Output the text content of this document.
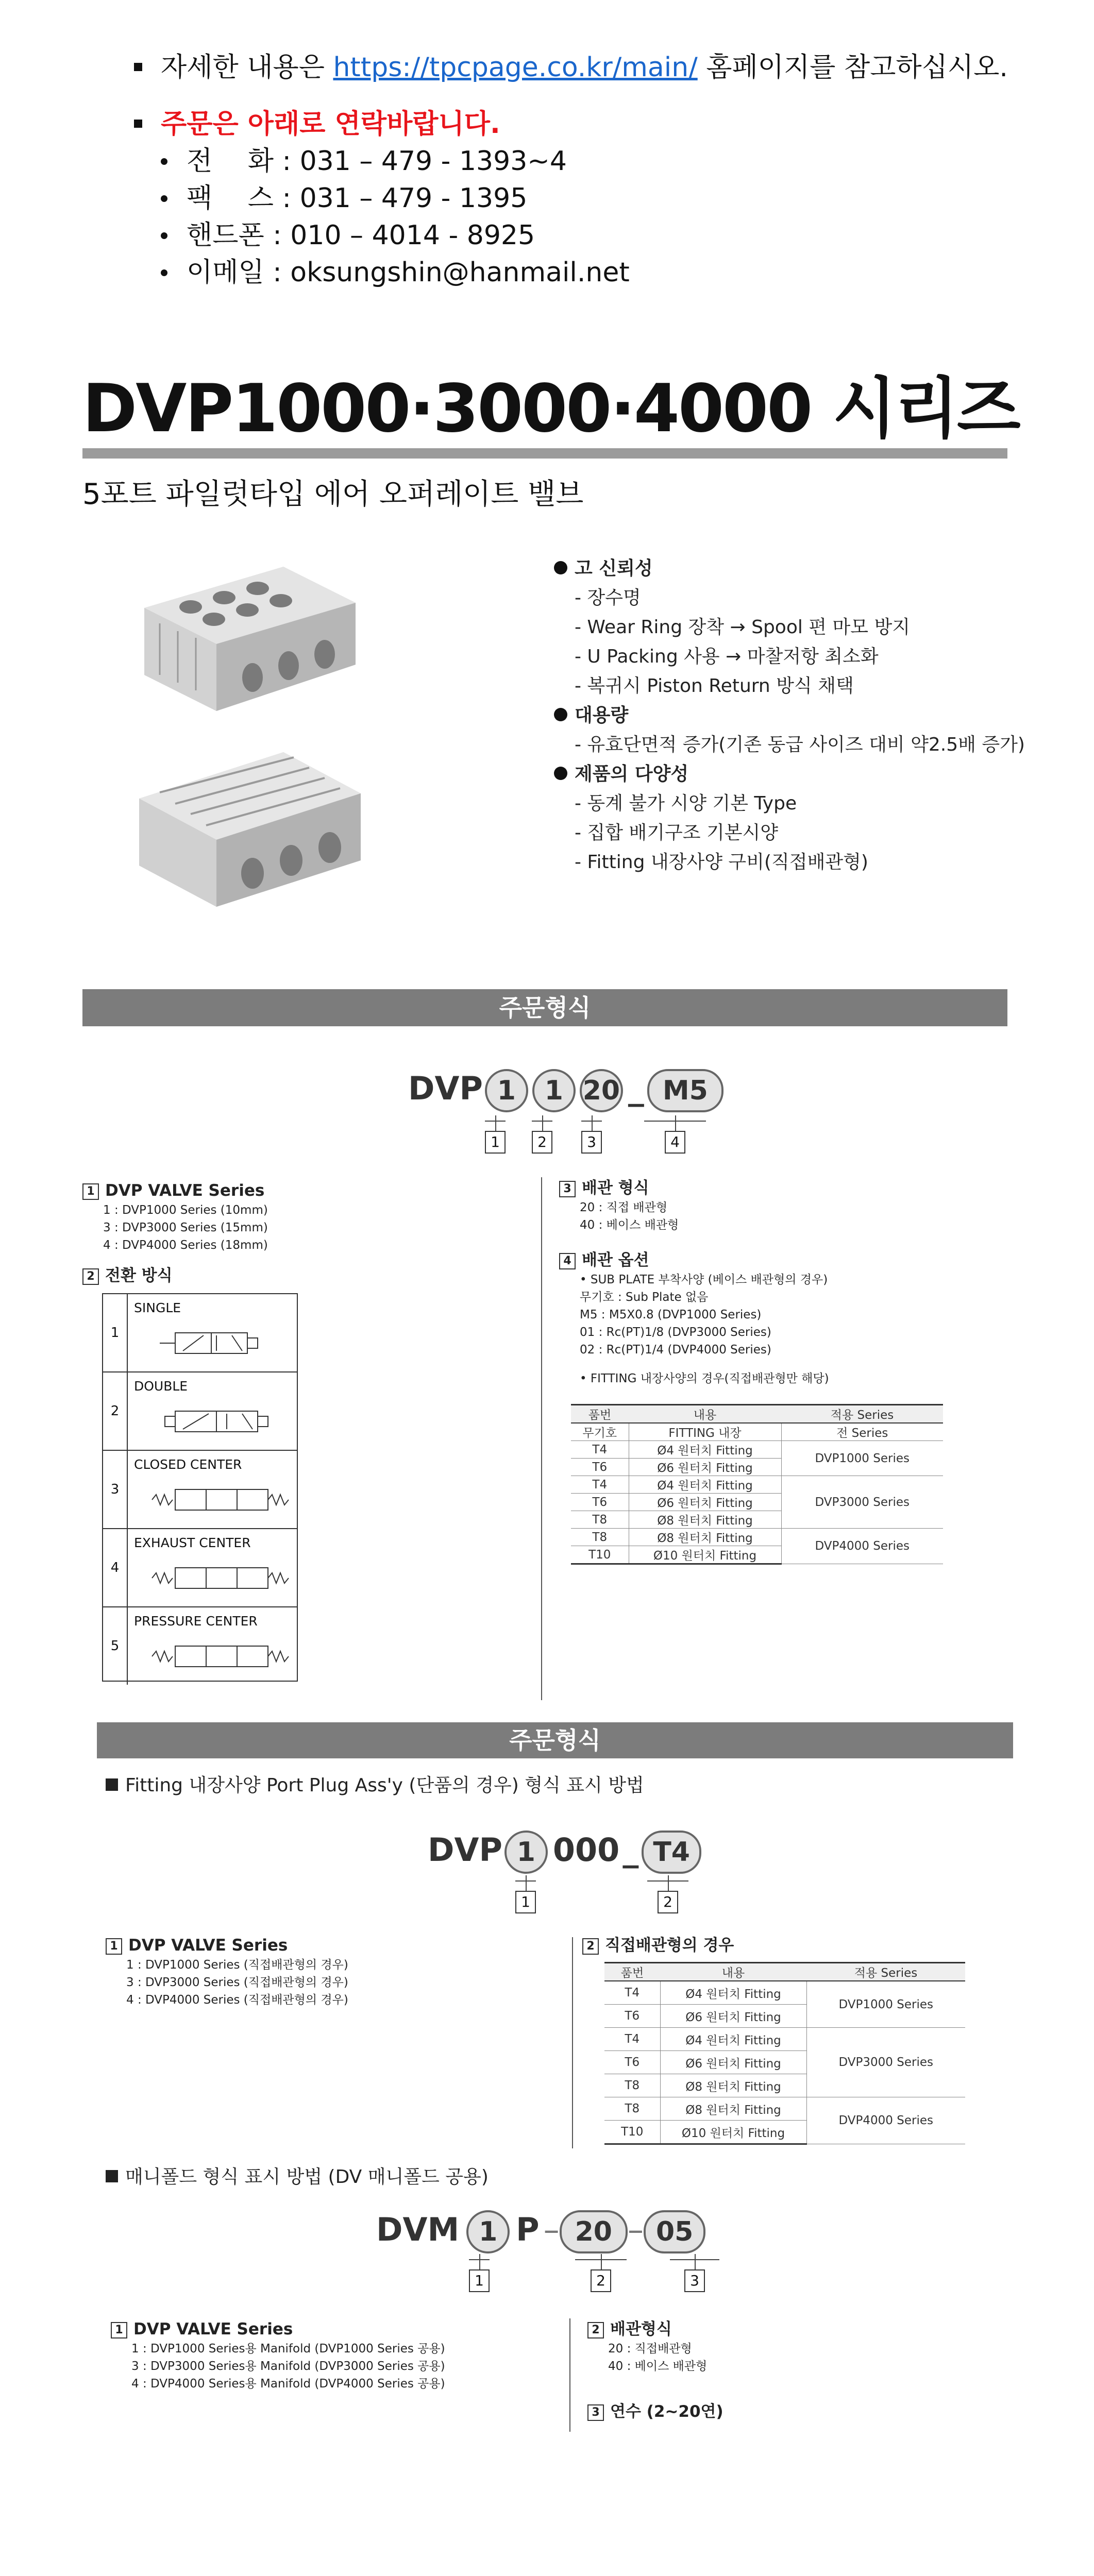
자세한 내용은 https://tpcpage.co.kr/main/ 홈페이지를 참고하십시오.
주문은 아래로 연락바랍니다.
전　 화 : 031 – 479 - 1393~4
팩　 스 : 031 – 479 - 1395
핸드폰 : 010 – 4014 - 8925
이메일 : oksungshin@hanmail.net
DVP1000·3000·4000 시리즈
5포트 파일럿타입 에어 오퍼레이트 밸브
고 신뢰성
- 장수명
- Wear Ring 장착 → Spool 편 마모 방지
- U Packing 사용 → 마찰저항 최소화
- 복귀시 Piston Return 방식 채택
대용량
- 유효단면적 증가(기존 동급 사이즈 대비 약2.5배 증가)
제품의 다양성
- 동계 불가 시양 기본 Type
- 집합 배기구조 기본시양
- Fitting 내장사양 구비(직접배관형)
주문형식
DVP 1 1 20 _ M5
1	2	3	4
1 DVP VALVE Series
1 : DVP1000 Series (10mm)
3 : DVP3000 Series (15mm)
4 : DVP4000 Series (18mm)
2 전환 방식
1
SINGLE
2
DOUBLE
3
CLOSED CENTER
4
EXHAUST CENTER
5
PRESSURE CENTER
3 배관 형식
20 : 직접 배관형
40 : 베이스 배관형
4 배관 옵션
• SUB PLATE 부착사양 (베이스 배관형의 경우)
무기호 : Sub Plate 없음
M5 : M5X0.8 (DVP1000 Series)
01 : Rc(PT)1/8 (DVP3000 Series)
02 : Rc(PT)1/4 (DVP4000 Series)
• FITTING 내장사양의 경우(직접배관형만 해당)
품번	내용	적용 Series
무기호	FITTING 내장	전 Series
T4	Ø4 원터치 Fitting	DVP1000 Series
T6	Ø6 원터치 Fitting	
T4	Ø4 원터치 Fitting	DVP3000 Series
T6	Ø6 원터치 Fitting	
T8	Ø8 원터치 Fitting	
T8	Ø8 원터치 Fitting	DVP4000 Series
T10	Ø10 원터치 Fitting	
주문형식
Fitting 내장사양 Port Plug Ass'y (단품의 경우) 형식 표시 방법
DVP 1 000_ T4
1	2
1 DVP VALVE Series
1 : DVP1000 Series (직접배관형의 경우)
3 : DVP3000 Series (직접배관형의 경우)
4 : DVP4000 Series (직접배관형의 경우)
2 직접배관형의 경우
품번	내용	적용 Series
T4	Ø4 원터치 Fitting	DVP1000 Series
T6	Ø6 원터치 Fitting	
T4	Ø4 원터치 Fitting	DVP3000 Series
T6	Ø6 원터치 Fitting	
T8	Ø8 원터치 Fitting	
T8	Ø8 원터치 Fitting	DVP4000 Series
T10	Ø10 원터치 Fitting	
매니폴드 형식 표시 방법 (DV 매니폴드 공용)
DVM 1 P – 20 – 05
1	2	3
1 DVP VALVE Series
1 : DVP1000 Series용 Manifold (DVP1000 Series 공용)
3 : DVP3000 Series용 Manifold (DVP3000 Series 공용)
4 : DVP4000 Series용 Manifold (DVP4000 Series 공용)
2 배관형식
20 : 직접배관형
40 : 베이스 배관형
3 연수 (2~20연)
